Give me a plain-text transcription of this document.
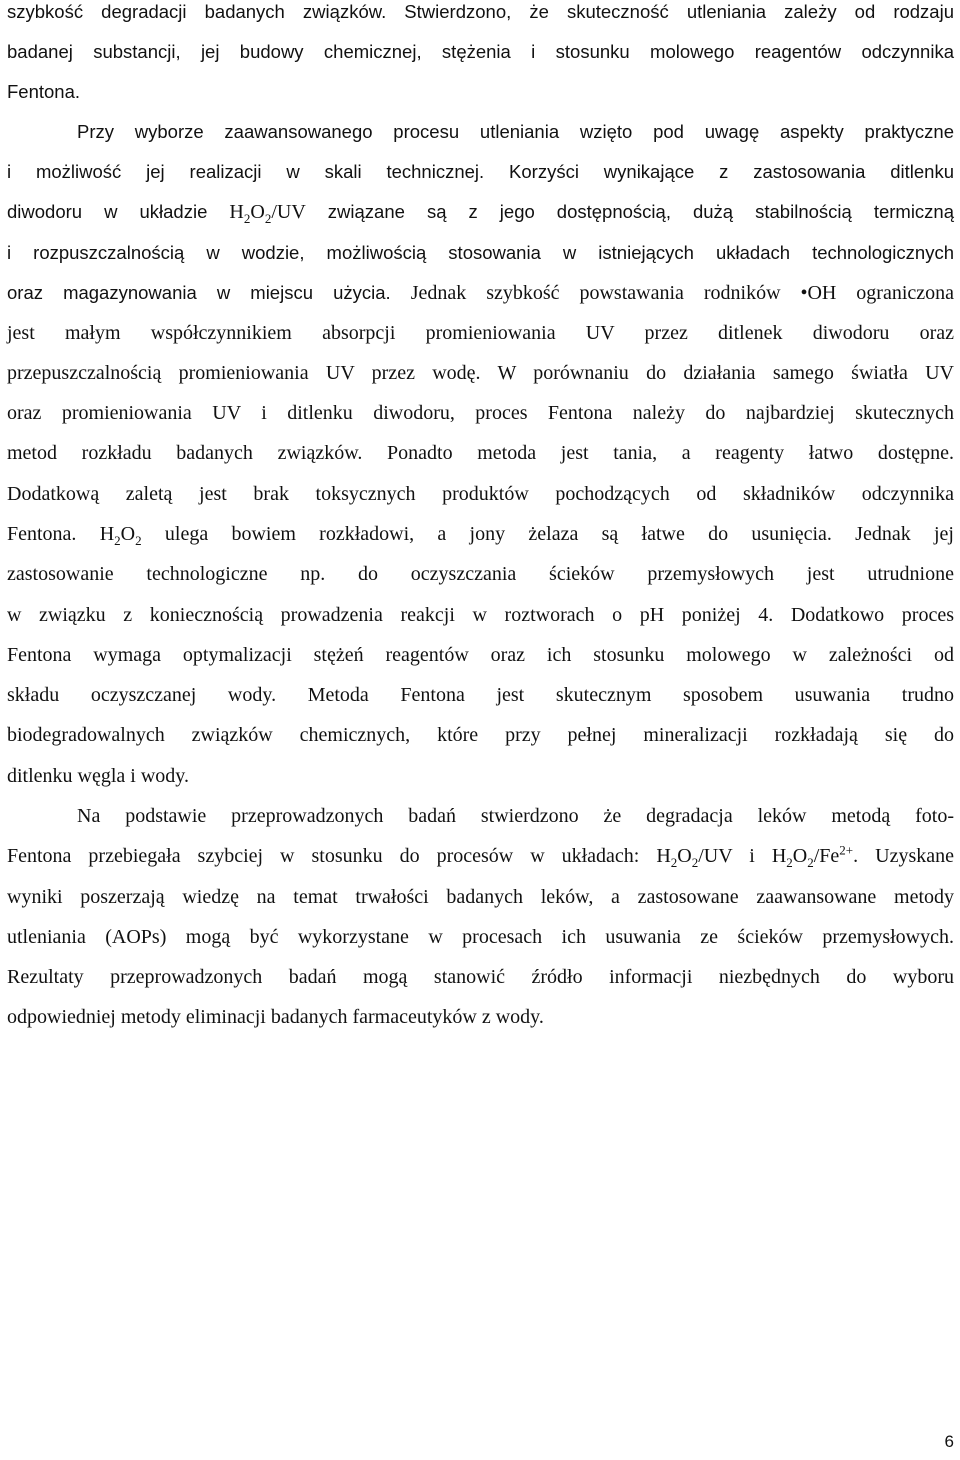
szybkość degradacji badanych związków. Stwierdzono, że skuteczność utleniania zależy od rodzaju
badanej substancji, jej budowy chemicznej, stężenia i stosunku molowego reagentów odczynnika
Fentona.
Przy wyborze zaawansowanego procesu utleniania wzięto pod uwagę aspekty praktyczne
i możliwość jej realizacji w skali technicznej. Korzyści wynikające z zastosowania ditlenku
diwodoru w układzie $H_2O_2/UV$ związane są z jego dostępnością, dużą stabilnością termiczną
i rozpuszczalnością w wodzie, możliwością stosowania w istniejących układach technologicznych
oraz magazynowania w miejscu użycia. Jednak szybkość powstawania rodników •OH ograniczona
jest małym współczynnikiem absorpcji promieniowania UV przez ditlenek diwodoru oraz
przepuszczalnością promieniowania UV przez wodę. W porównaniu do działania samego światła UV
oraz promieniowania UV i ditlenku diwodoru, proces Fentona należy do najbardziej skutecznych
metod rozkładu badanych związków. Ponadto metoda jest tania, a reagenty łatwo dostępne.
Dodatkową zaletą jest brak toksycznych produktów pochodzących od składników odczynnika
Fentona. $H_2O_2$ ulega bowiem rozkładowi, a jony żelaza są łatwe do usunięcia. Jednak jej
zastosowanie technologiczne np. do oczyszczania ścieków przemysłowych jest utrudnione
w związku z koniecznością prowadzenia reakcji w roztworach o pH poniżej 4. Dodatkowo proces
Fentona wymaga optymalizacji stężeń reagentów oraz ich stosunku molowego w zależności od
składu oczyszczanej wody. Metoda Fentona jest skutecznym sposobem usuwania trudno
biodegradowalnych związków chemicznych, które przy pełnej mineralizacji rozkładają się do
ditlenku węgla i wody.
Na podstawie przeprowadzonych badań stwierdzono że degradacja leków metodą foto-
Fentona przebiegała szybciej w stosunku do procesów w układach: $H_2O_2/UV$ i $H_2O_2/Fe^{2+}$. Uzyskane
wyniki poszerzają wiedzę na temat trwałości badanych leków, a zastosowane zaawansowane metody
utleniania (AOPs) mogą być wykorzystane w procesach ich usuwania ze ścieków przemysłowych.
Rezultaty przeprowadzonych badań mogą stanowić źródło informacji niezbędnych do wyboru
odpowiedniej metody eliminacji badanych farmaceutyków z wody.
6
